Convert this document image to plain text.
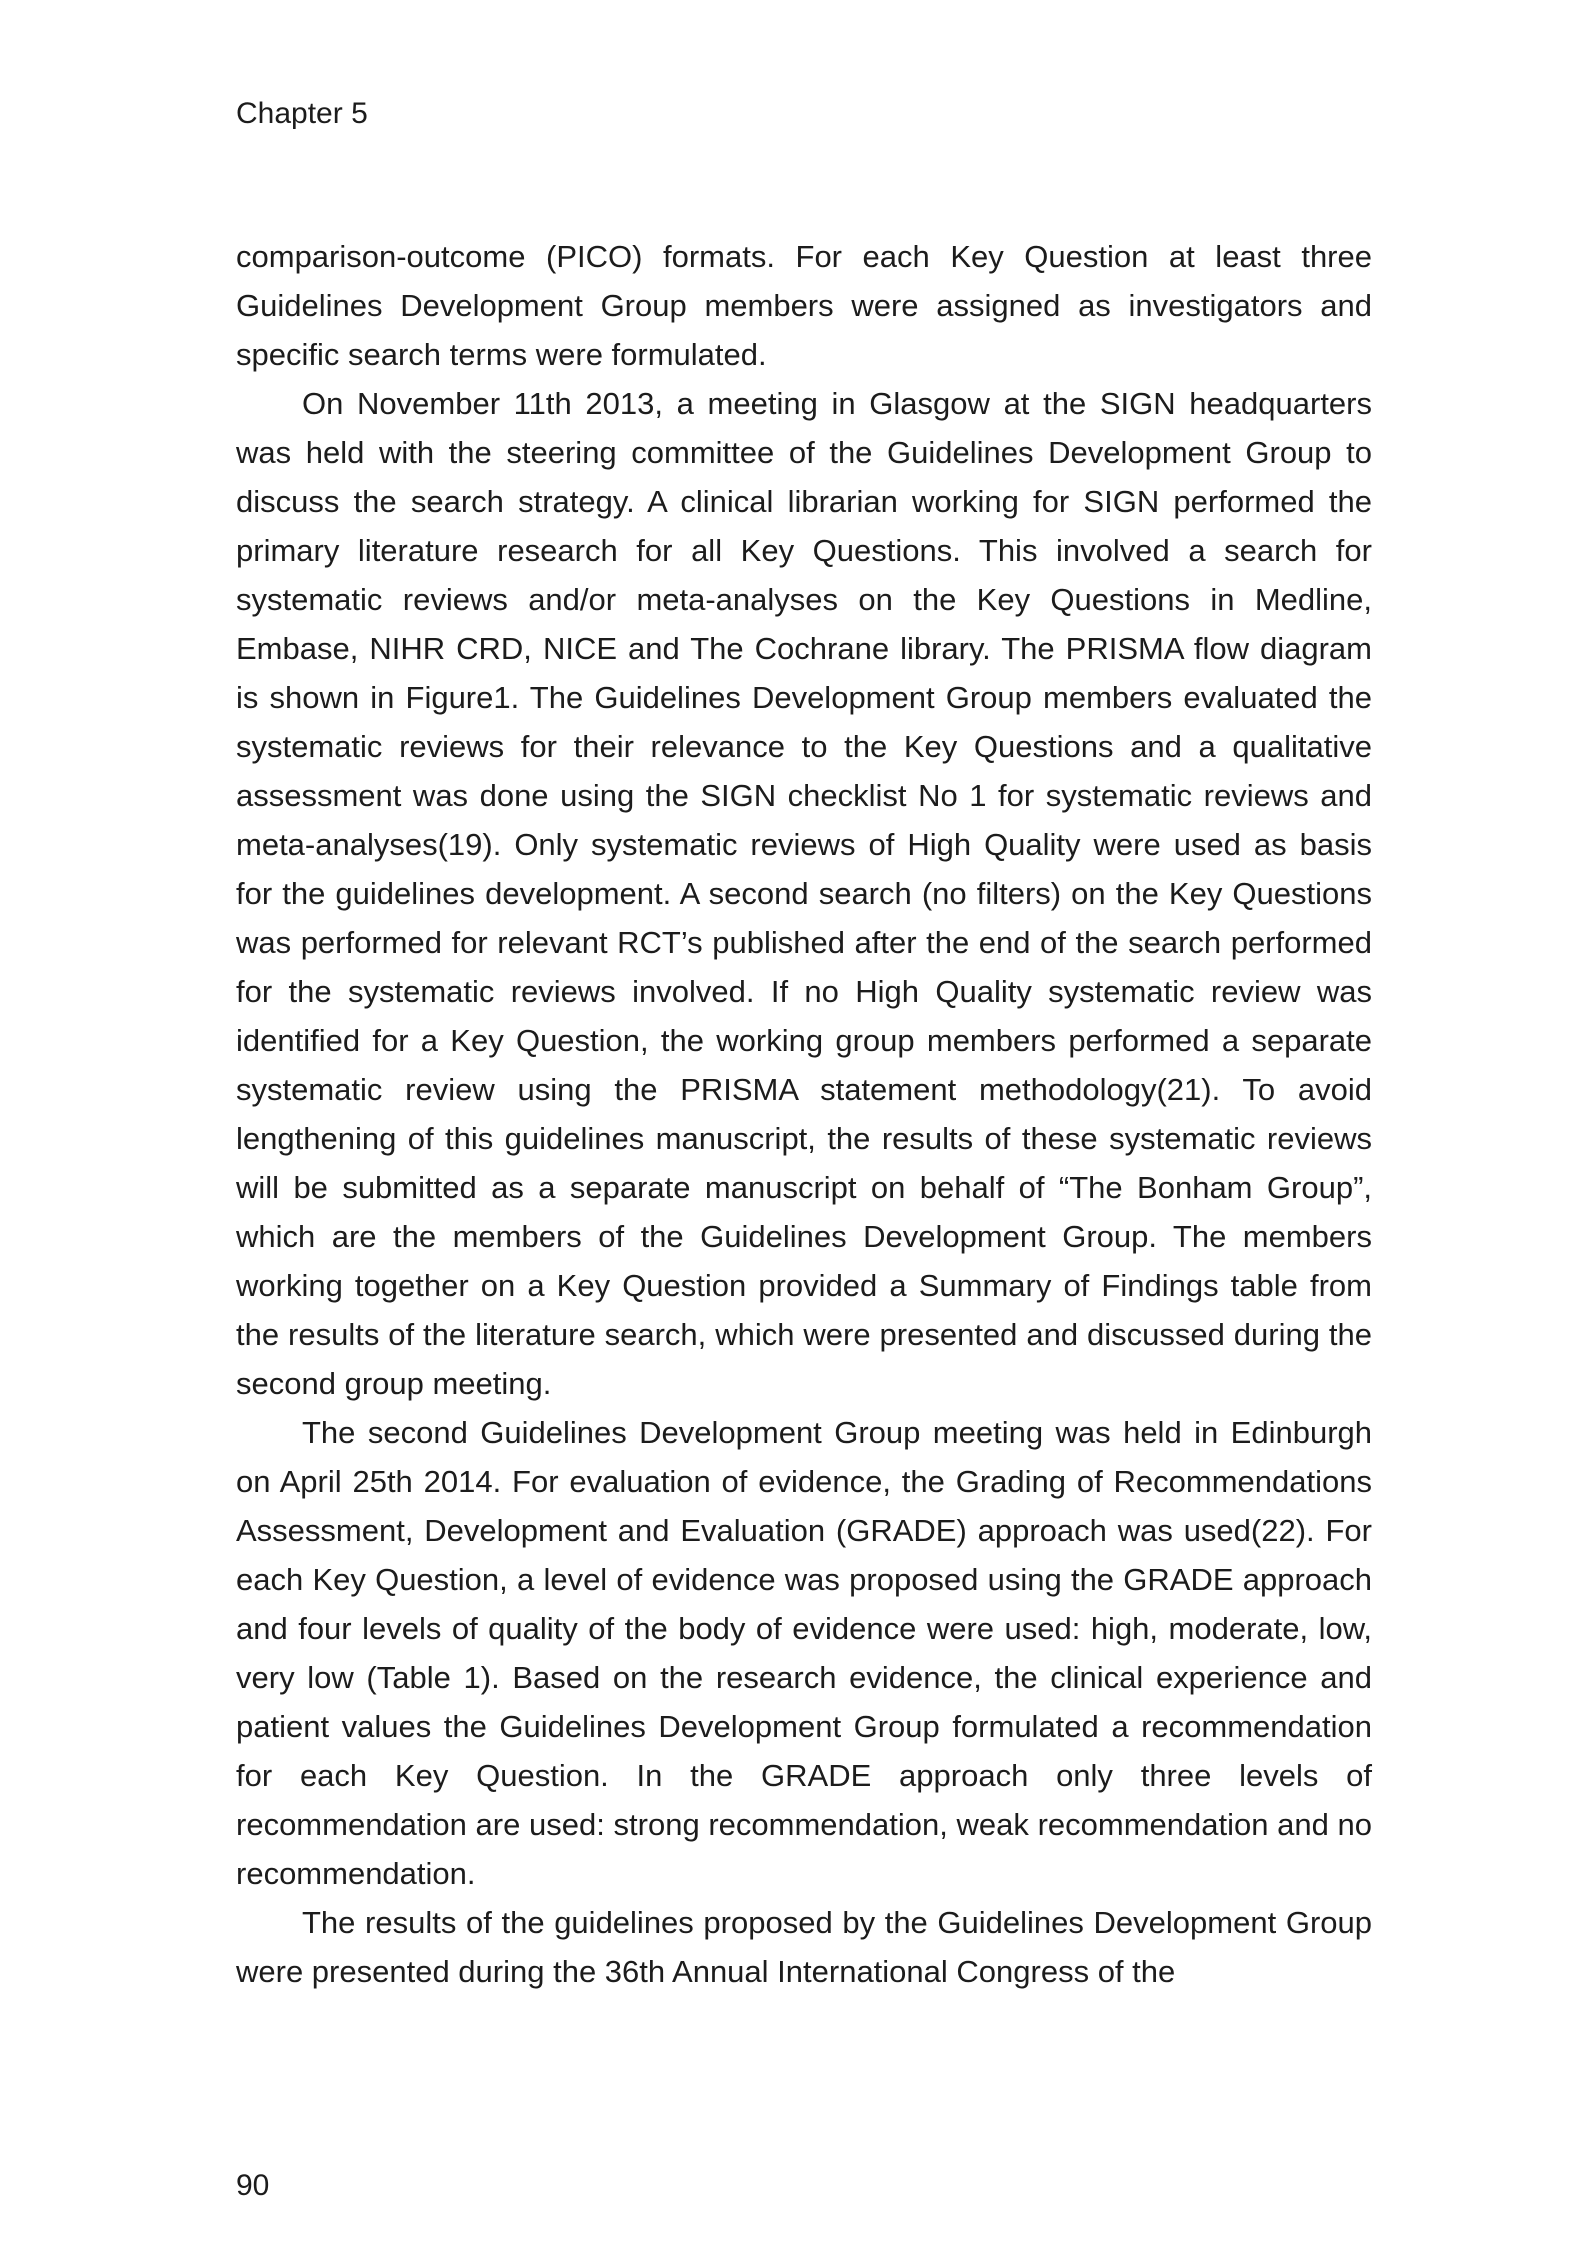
Chapter 5

comparison-outcome (PICO) formats. For each Key Question at least three Guidelines Development Group members were assigned as investigators and specific search terms were formulated.

On November 11th 2013, a meeting in Glasgow at the SIGN headquarters was held with the steering committee of the Guidelines Development Group to discuss the search strategy. A clinical librarian working for SIGN performed the primary literature research for all Key Questions. This involved a search for systematic reviews and/or meta-analyses on the Key Questions in Medline, Embase, NIHR CRD, NICE and The Cochrane library. The PRISMA flow diagram is shown in Figure1. The Guidelines Development Group members evaluated the systematic reviews for their relevance to the Key Questions and a qualitative assessment was done using the SIGN checklist No 1 for systematic reviews and meta-analyses(19). Only systematic reviews of High Quality were used as basis for the guidelines development. A second search (no filters) on the Key Questions was performed for relevant RCT’s published after the end of the search performed for the systematic reviews involved. If no High Quality systematic review was identified for a Key Question, the working group members performed a separate systematic review using the PRISMA statement methodology(21). To avoid lengthening of this guidelines manuscript, the results of these systematic reviews will be submitted as a separate manuscript on behalf of “The Bonham Group”, which are the members of the Guidelines Development Group. The members working together on a Key Question provided a Summary of Findings table from the results of the literature search, which were presented and discussed during the second group meeting.

The second Guidelines Development Group meeting was held in Edinburgh on April 25th 2014. For evaluation of evidence, the Grading of Recommendations Assessment, Development and Evaluation (GRADE) approach was used(22). For each Key Question, a level of evidence was proposed using the GRADE approach and four levels of quality of the body of evidence were used: high, moderate, low, very low (Table 1). Based on the research evidence, the clinical experience and patient values the Guidelines Development Group formulated a recommendation for each Key Question. In the GRADE approach only three levels of recommendation are used: strong recommendation, weak recommendation and no recommendation.

The results of the guidelines proposed by the Guidelines Development Group were presented during the 36th Annual International Congress of the

90
